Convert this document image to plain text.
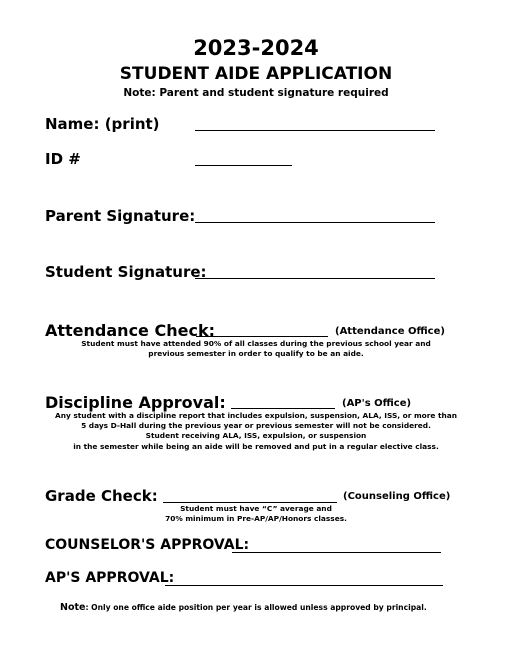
2023-2024
STUDENT AIDE APPLICATION
Note: Parent and student signature required
Name: (print)
ID #
Parent Signature:
Student Signature:
Attendance Check:	(Attendance Office)
Student must have attended 90% of all classes during the previous school year and
previous semester in order to qualify to be an aide.
Discipline Approval:	(AP's Office)
Any student with a discipline report that includes expulsion, suspension, ALA, ISS, or more than
5 days D-Hall during the previous year or previous semester will not be considered.
Student receiving ALA, ISS, expulsion, or suspension
in the semester while being an aide will be removed and put in a regular elective class.
Grade Check:	(Counseling Office)
Student must have “C” average and
70% minimum in Pre-AP/AP/Honors classes.
COUNSELOR'S APPROVAL:
AP'S APPROVAL:
Note: Only one office aide position per year is allowed unless approved by principal.
